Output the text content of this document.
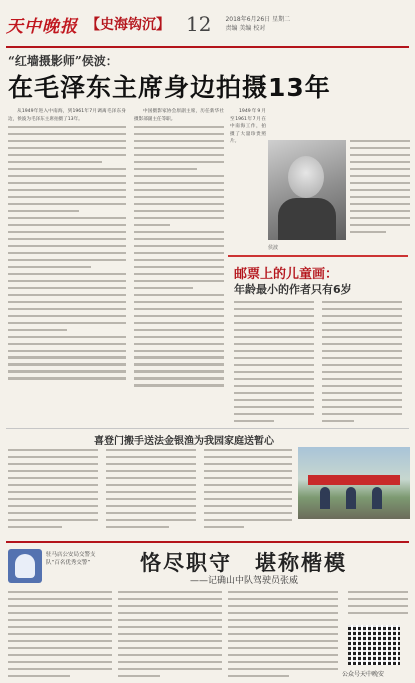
天中晚报 【史海钩沉】 12 2018年6月26日 星期二
责编 美编 校对
“红墙摄影师”侯波：
在毛泽东主席身边拍摄13年

从1949年进入中南海，到1961年7月调离毛泽东身边，侯波为毛泽东主席拍摄了13年。

中国摄影家协会原副主席，历任新华社摄影部副主任等职。

1949年9月至1961年7月在中南海工作，拍摄了大量珍贵照片。

侯波
邮票上的儿童画：
年龄最小的作者只有6岁
喜登门搬手送法金银渔为我园家庭送暂心
驻马店公安局交警支队“百名优秀交警”	恪尽职守　堪称楷模
——记确山中队驾驶员张威
公众号天中晚安
